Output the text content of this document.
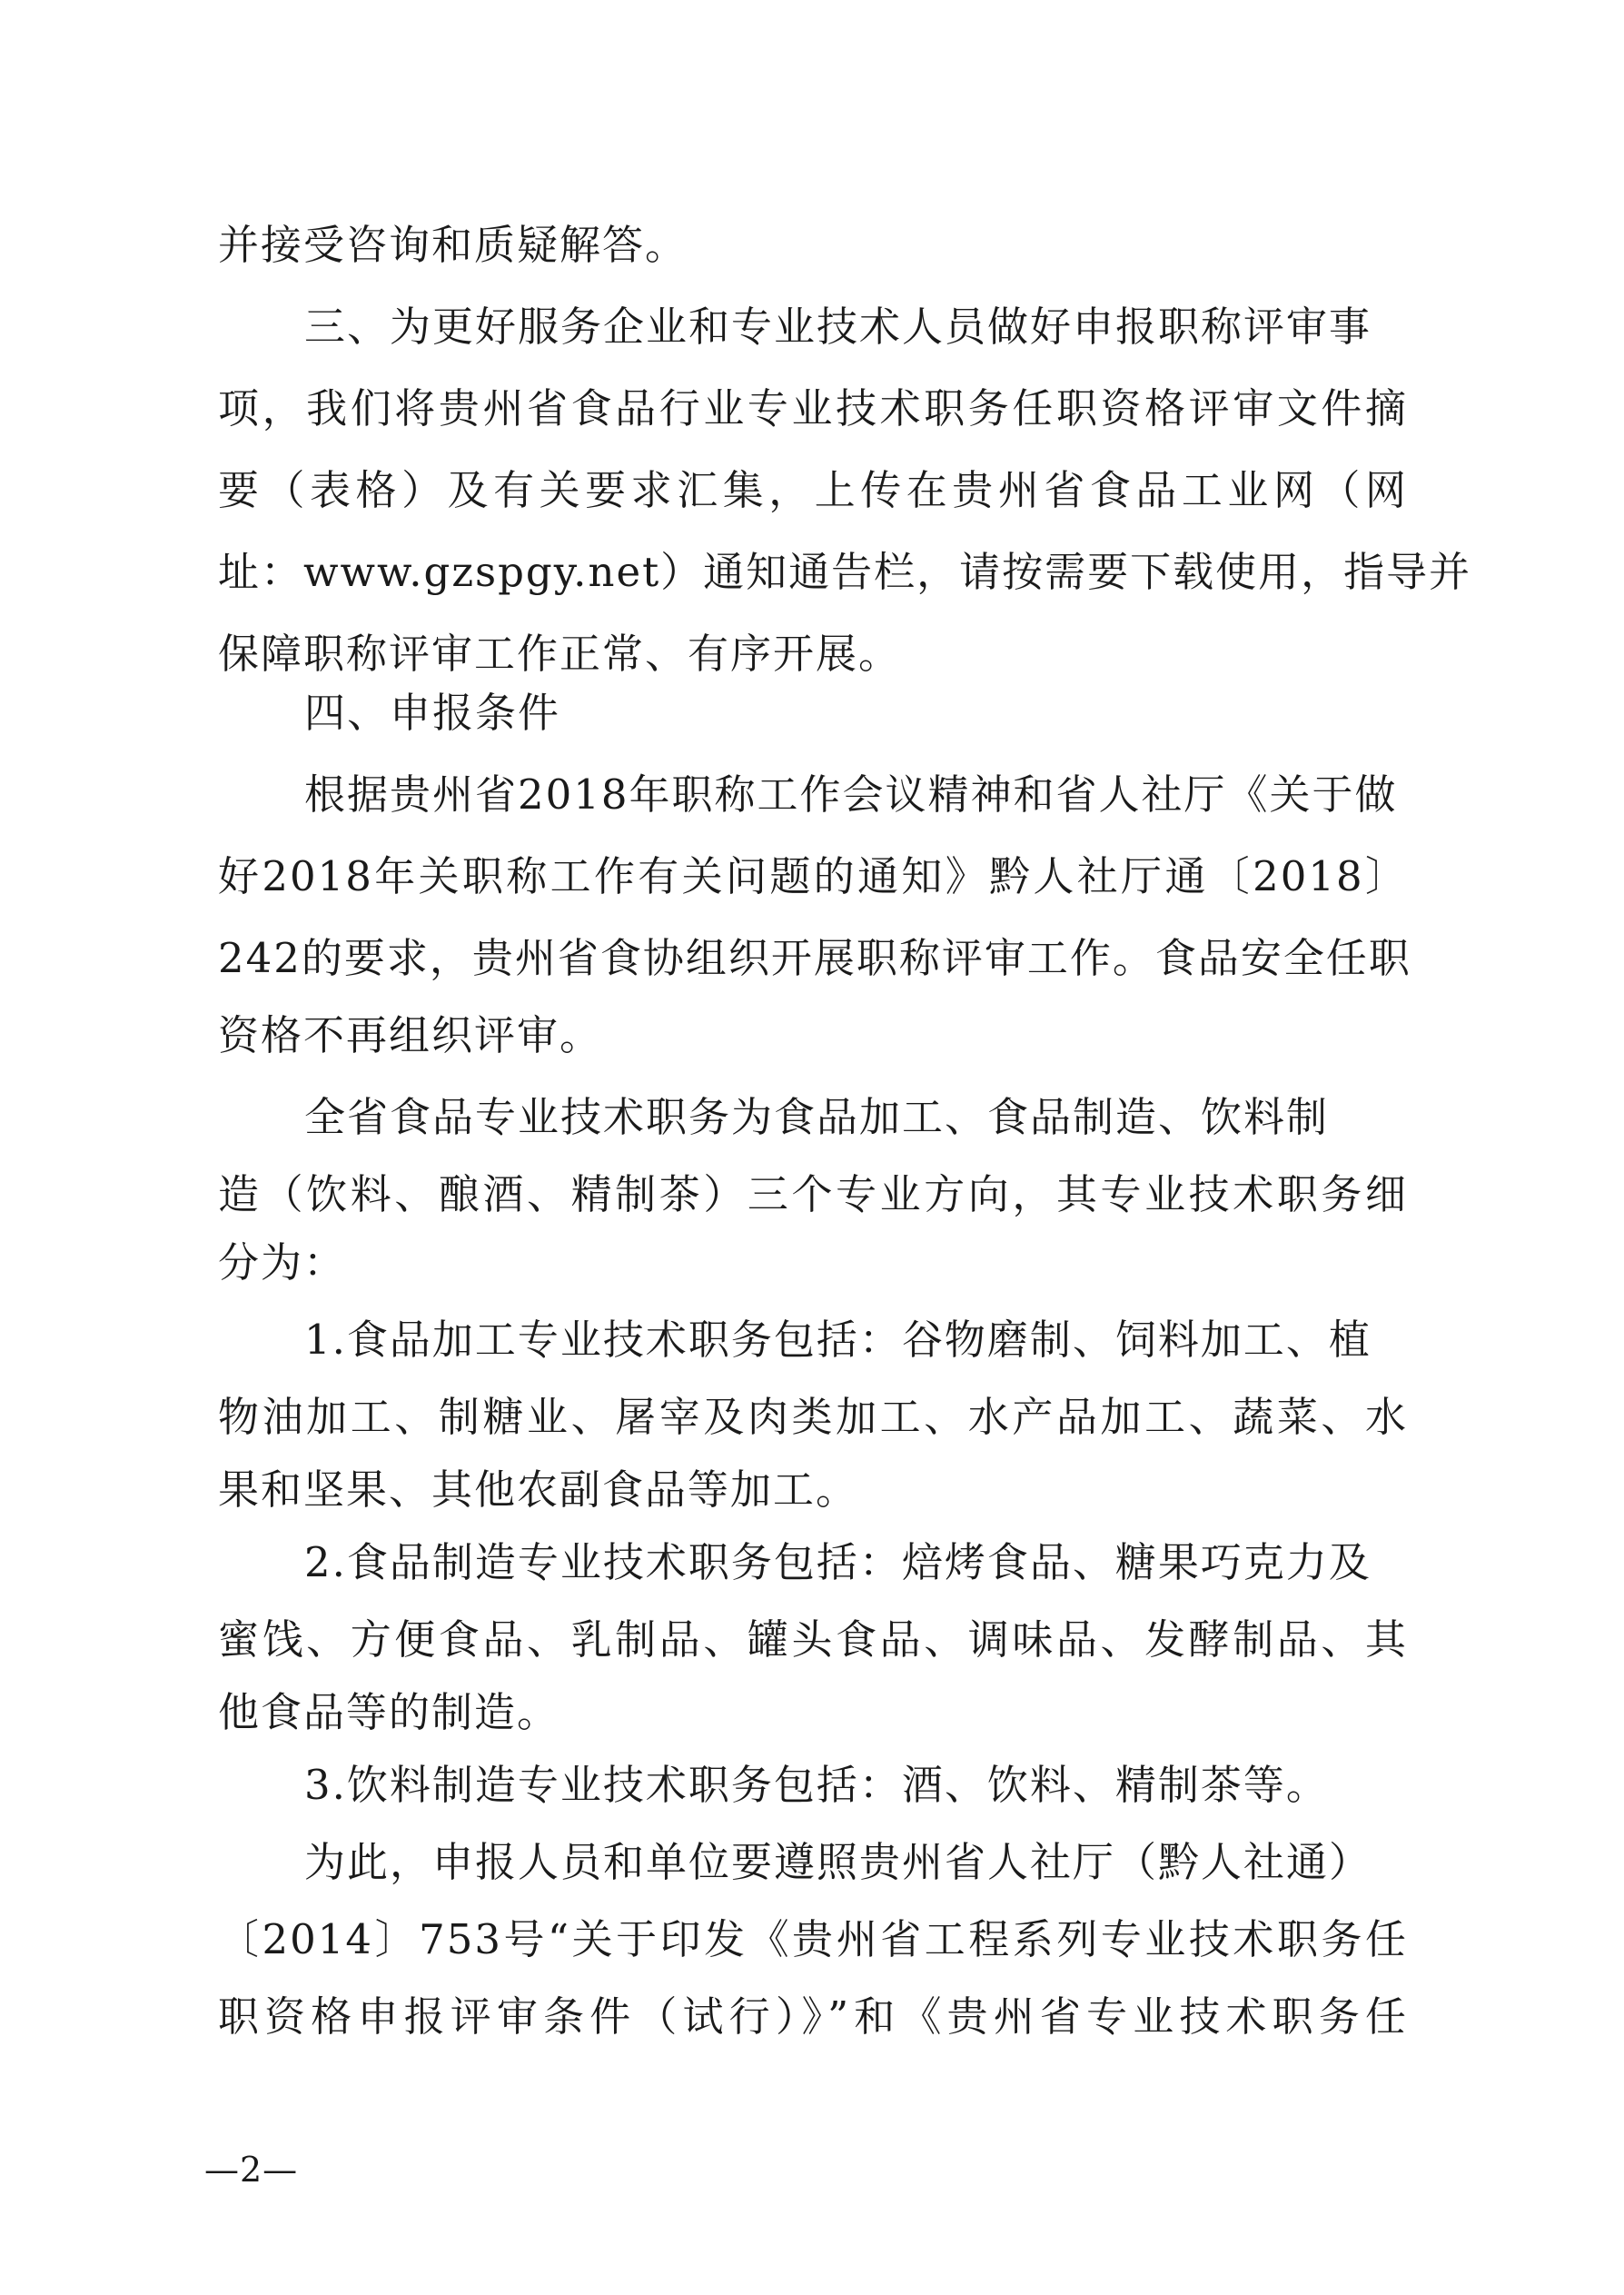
并接受咨询和质疑解答。
三、为更好服务企业和专业技术人员做好申报职称评审事
项，我们将贵州省食品行业专业技术职务任职资格评审文件摘
要（表格）及有关要求汇集，上传在贵州省食品工业网（网
址：www.gzspgy.net）通知通告栏，请按需要下载使用，指导并
保障职称评审工作正常、有序开展。
四、申报条件
根据贵州省2018年职称工作会议精神和省人社厅《关于做
好2018年关职称工作有关问题的通知》黔人社厅通〔2018〕
242的要求，贵州省食协组织开展职称评审工作。食品安全任职
资格不再组织评审。
全省食品专业技术职务为食品加工、食品制造、饮料制
造（饮料、酿酒、精制茶）三个专业方向，其专业技术职务细
分为：
1.食品加工专业技术职务包括：谷物磨制、饲料加工、植
物油加工、制糖业、屠宰及肉类加工、水产品加工、蔬菜、水
果和坚果、其他农副食品等加工。
2.食品制造专业技术职务包括：焙烤食品、糖果巧克力及
蜜饯、方便食品、乳制品、罐头食品、调味品、发酵制品、其
他食品等的制造。
3.饮料制造专业技术职务包括：酒、饮料、精制茶等。
为此，申报人员和单位要遵照贵州省人社厅（黔人社通）
〔2014〕753号“关于印发《贵州省工程系列专业技术职务任
职资格申报评审条件（试行）》”和《贵州省专业技术职务任
—2—
